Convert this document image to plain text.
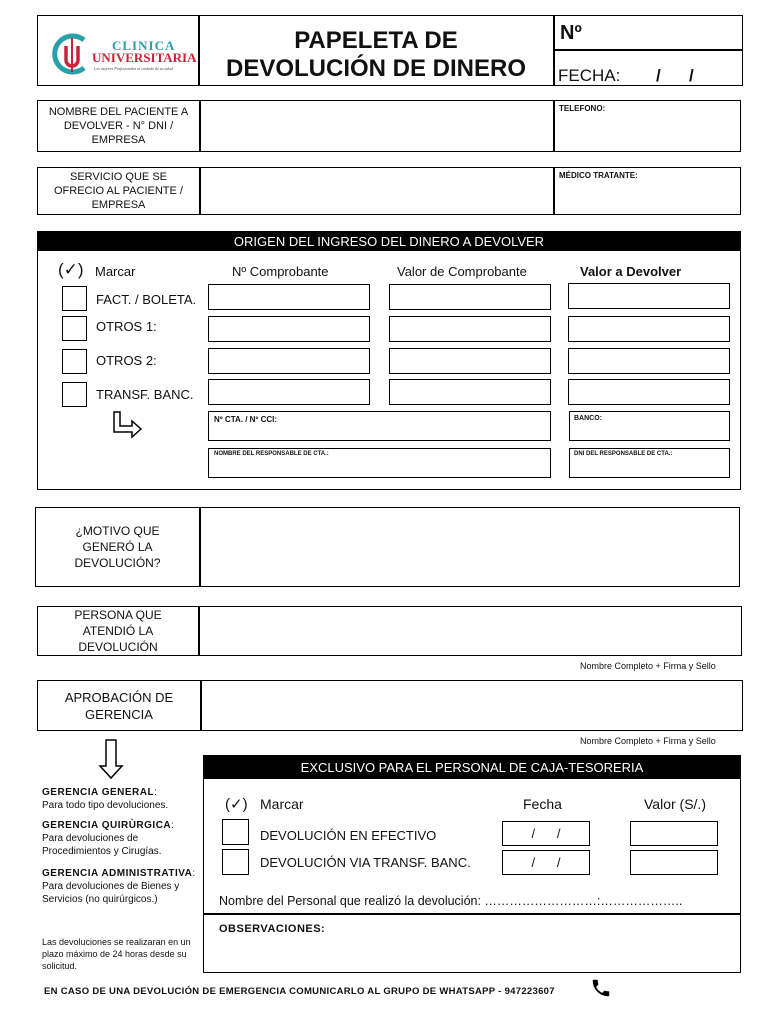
CLINICA
UNIVERSITARIA
Los mejores Profesionales al cuidado de su salud
PAPELETA DE
DEVOLUCIÓN DE DINERO
Nº
FECHA: /      /
NOMBRE DEL PACIENTE A DEVOLVER - N° DNI / EMPRESA
TELEFONO:
SERVICIO QUE SE OFRECIO AL PACIENTE / EMPRESA
MÉDICO TRATANTE:
ORIGEN DEL INGRESO DEL DINERO A DEVOLVER
(✓) Marcar	Nº Comprobante	Valor de Comprobante	Valor a Devolver
FACT. / BOLETA.
OTROS 1:
OTROS 2:
TRANSF. BANC.
Nº CTA. / Nº CCI:	BANCO:
NOMBRE DEL RESPONSABLE DE CTA.:	DNI DEL RESPONSABLE DE CTA.:
¿MOTIVO QUE GENERÓ LA DEVOLUCIÓN?
PERSONA QUE ATENDIÓ LA DEVOLUCIÓN
Nombre Completo + Firma y Sello
APROBACIÓN DE GERENCIA
Nombre Completo + Firma y Sello
GERENCIA GENERAL:
Para todo tipo devoluciones.
GERENCIA QUIRÙRGICA:
Para devoluciones de Procedimientos y Cirugías.
GERENCIA ADMINISTRATIVA:
Para devoluciones de Bienes y Servicios (no quirúrgicos.)
Las devoluciones se realizaran en un plazo máximo de 24 horas desde su solicitud.
EXCLUSIVO PARA EL PERSONAL DE CAJA-TESORERIA
(✓) Marcar	Fecha	Valor (S/.)
DEVOLUCIÓN EN EFECTIVO	/      /
DEVOLUCIÓN VIA TRANSF. BANC.	/      /
Nombre del Personal que realizó la devolución: ………………………:………………..
OBSERVACIONES:
EN CASO DE UNA DEVOLUCIÓN DE EMERGENCIA COMUNICARLO AL GRUPO DE WHATSAPP - 947223607
